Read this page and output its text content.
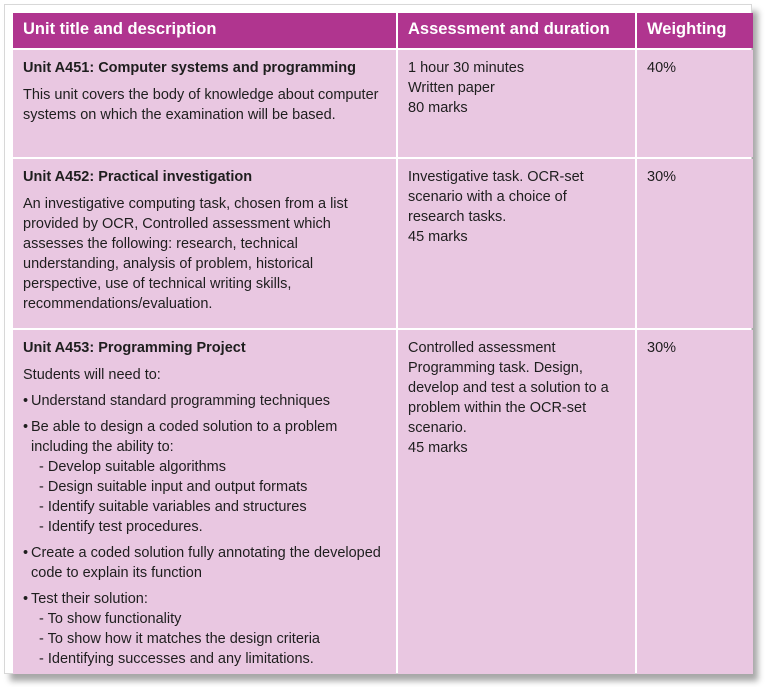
Unit title and description	Assessment and duration	Weighting
Unit A451: Computer systems and programming
This unit covers the body of knowledge about computer systems on which the examination will be based.
1 hour 30 minutes
Written paper
80 marks
40%
Unit A452: Practical investigation
An investigative computing task, chosen from a list provided by OCR, Controlled assessment which assesses the following: research, technical understanding, analysis of problem, historical perspective, use of technical writing skills, recommendations/evaluation.
Investigative task. OCR-set scenario with a choice of research tasks.
45 marks
30%
Unit A453: Programming Project
Students will need to:
• Understand standard programming techniques
• Be able to design a coded solution to a problem including the ability to:
- Develop suitable algorithms
- Design suitable input and output formats
- Identify suitable variables and structures
- Identify test procedures.
• Create a coded solution fully annotating the developed code to explain its function
• Test their solution:
- To show functionality
- To show how it matches the design criteria
- Identifying successes and any limitations.
Controlled assessment
Programming task. Design, develop and test a solution to a problem within the OCR-set scenario.
45 marks
30%
